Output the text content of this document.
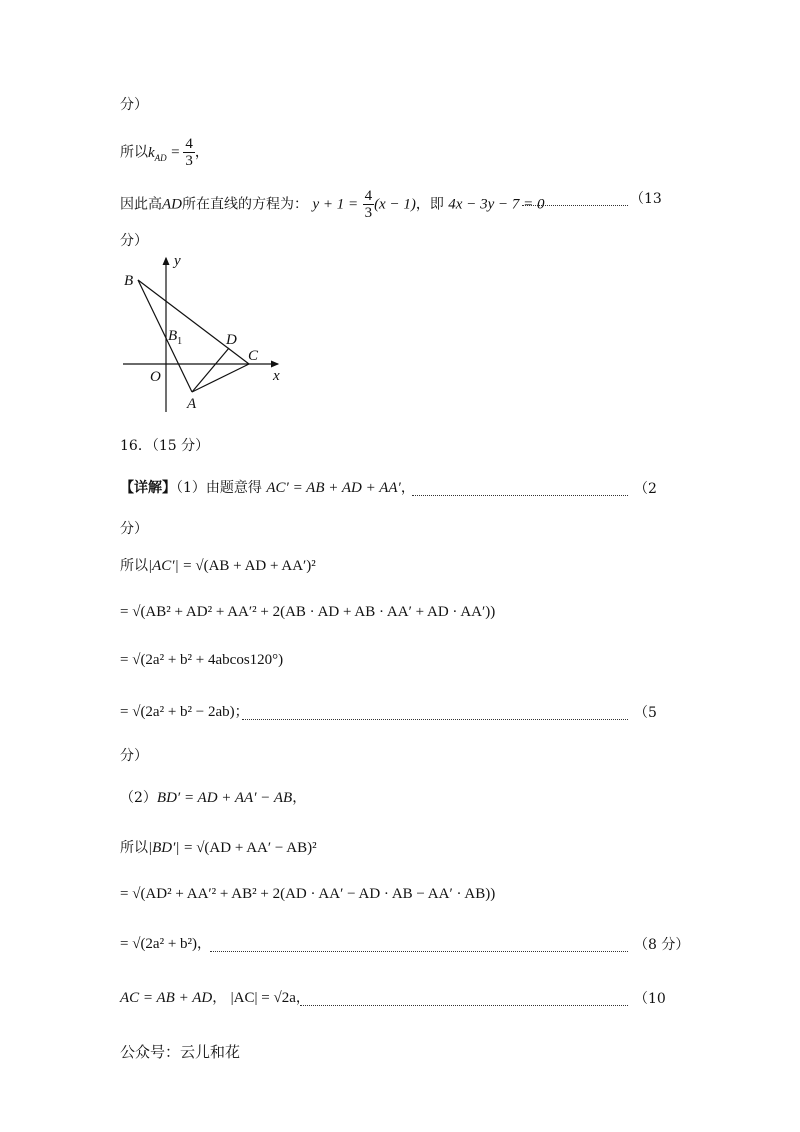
分）
所以$k_{AD} = \frac{4}{3}$ ，
因此高AD所在直线的方程为： $y + 1 = \frac{4}{3} (x - 1)$，即 4x − 3y − 7 = 0	（13
分）
y
x
B
$B_1$	D
C
O
A
16．（15 分）
【详解】（1）由题意得 AC′ = AB + AD + AA′，	（2
分）
所以|AC′| = √(AB + AD + AA′)²
= √(AB² + AD² + AA′² + 2(AB · AD + AB · AA′ + AD · AA′))
= √(2a² + b² + 4abcos120°)
= √(2a² + b² − 2ab)；	（5
分）
（2）BD′ = AD + AA′ − AB，
所以|BD′| = √(AD + AA′ − AB)²
= √(AD² + AA′² + AB² + 2(AD · AA′ − AD · AB − AA′ · AB))
= √(2a² + b²)，	（8 分）
AC = AB + AD， |AC| = √2a，	（10
公众号：云儿和花
